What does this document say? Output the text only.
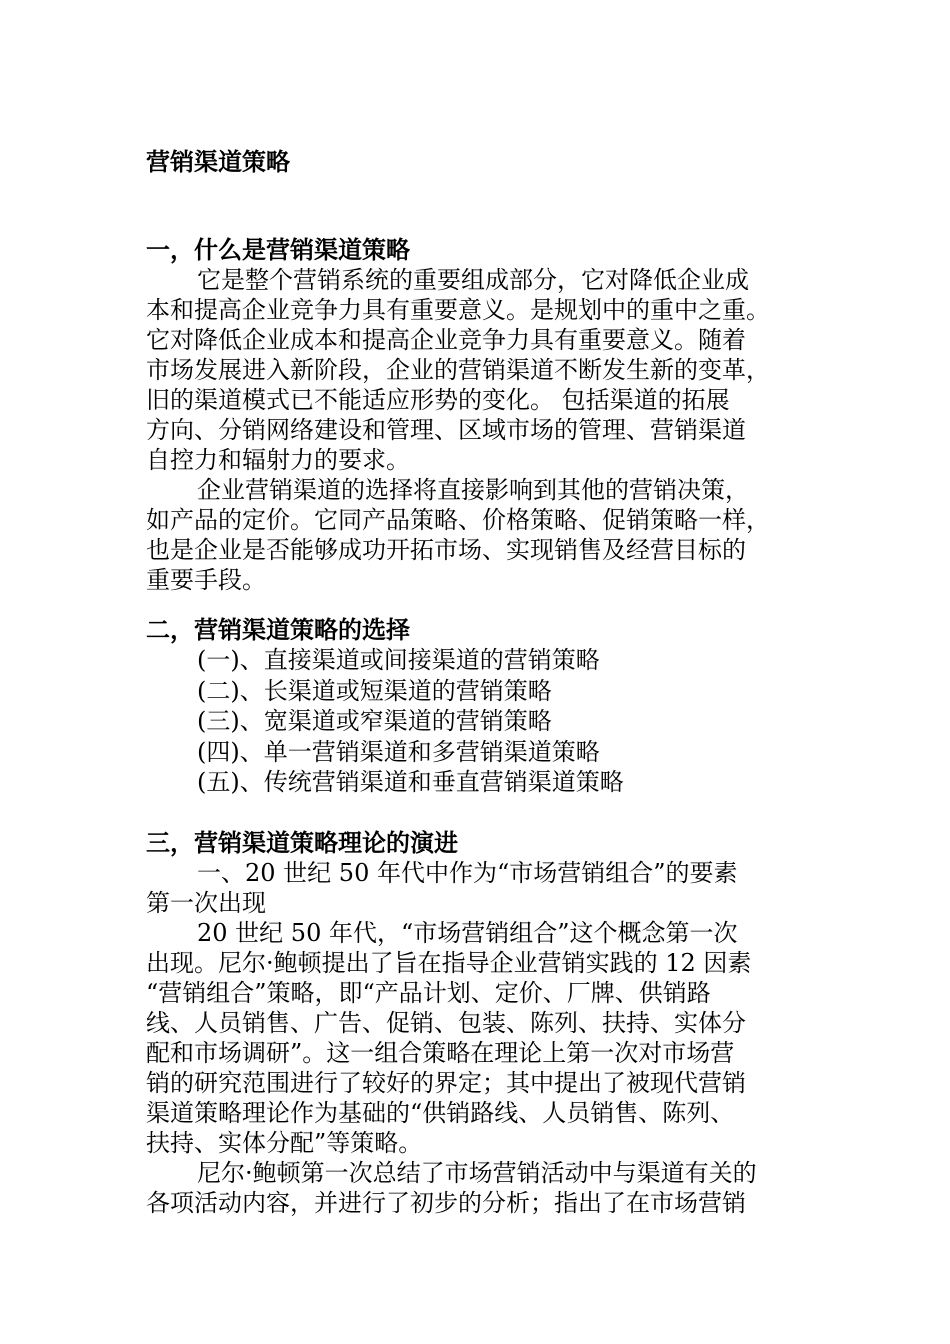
营销渠道策略
一，什么是营销渠道策略
它是整个营销系统的重要组成部分，它对降低企业成
本和提高企业竞争力具有重要意义。是规划中的重中之重。
它对降低企业成本和提高企业竞争力具有重要意义。随着
市场发展进入新阶段，企业的营销渠道不断发生新的变革，
旧的渠道模式已不能适应形势的变化。 包括渠道的拓展
方向、分销网络建设和管理、区域市场的管理、营销渠道
自控力和辐射力的要求。
企业营销渠道的选择将直接影响到其他的营销决策，
如产品的定价。它同产品策略、价格策略、促销策略一样，
也是企业是否能够成功开拓市场、实现销售及经营目标的
重要手段。
二，营销渠道策略的选择
(一)、直接渠道或间接渠道的营销策略
(二)、长渠道或短渠道的营销策略
(三)、宽渠道或窄渠道的营销策略
(四)、单一营销渠道和多营销渠道策略
(五)、传统营销渠道和垂直营销渠道策略
三，营销渠道策略理论的演进
一、20 世纪 50 年代中作为“市场营销组合”的要素
第一次出现
20 世纪 50 年代，“市场营销组合”这个概念第一次
出现。尼尔·鲍顿提出了旨在指导企业营销实践的 12 因素
“营销组合”策略，即“产品计划、定价、厂牌、供销路
线、人员销售、广告、促销、包装、陈列、扶持、实体分
配和市场调研”。这一组合策略在理论上第一次对市场营
销的研究范围进行了较好的界定；其中提出了被现代营销
渠道策略理论作为基础的“供销路线、人员销售、陈列、
扶持、实体分配”等策略。
尼尔·鲍顿第一次总结了市场营销活动中与渠道有关的
各项活动内容，并进行了初步的分析；指出了在市场营销
